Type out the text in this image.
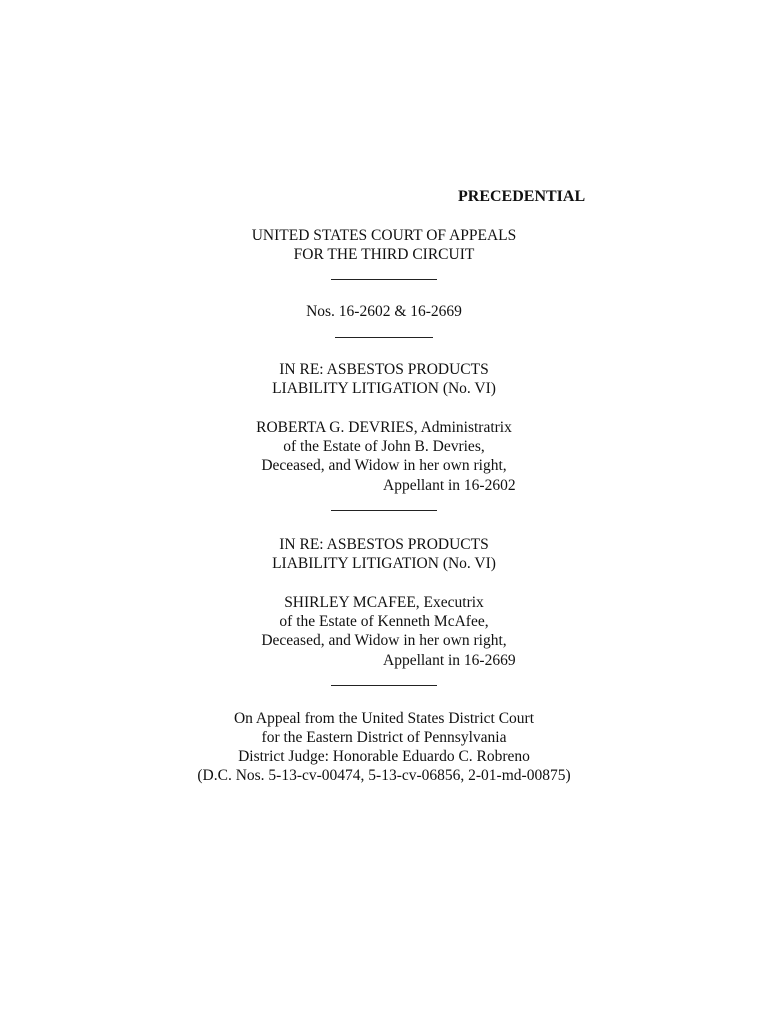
PRECEDENTIAL
UNITED STATES COURT OF APPEALS
FOR THE THIRD CIRCUIT
Nos. 16-2602 & 16-2669
IN RE: ASBESTOS PRODUCTS
LIABILITY LITIGATION (No. VI)
ROBERTA G. DEVRIES, Administratrix
of the Estate of John B. Devries,
Deceased, and Widow in her own right,
Appellant in 16-2602
IN RE: ASBESTOS PRODUCTS
LIABILITY LITIGATION (No. VI)
SHIRLEY MCAFEE, Executrix
of the Estate of Kenneth McAfee,
Deceased, and Widow in her own right,
Appellant in 16-2669
On Appeal from the United States District Court
for the Eastern District of Pennsylvania
District Judge: Honorable Eduardo C. Robreno
(D.C. Nos. 5-13-cv-00474, 5-13-cv-06856, 2-01-md-00875)
